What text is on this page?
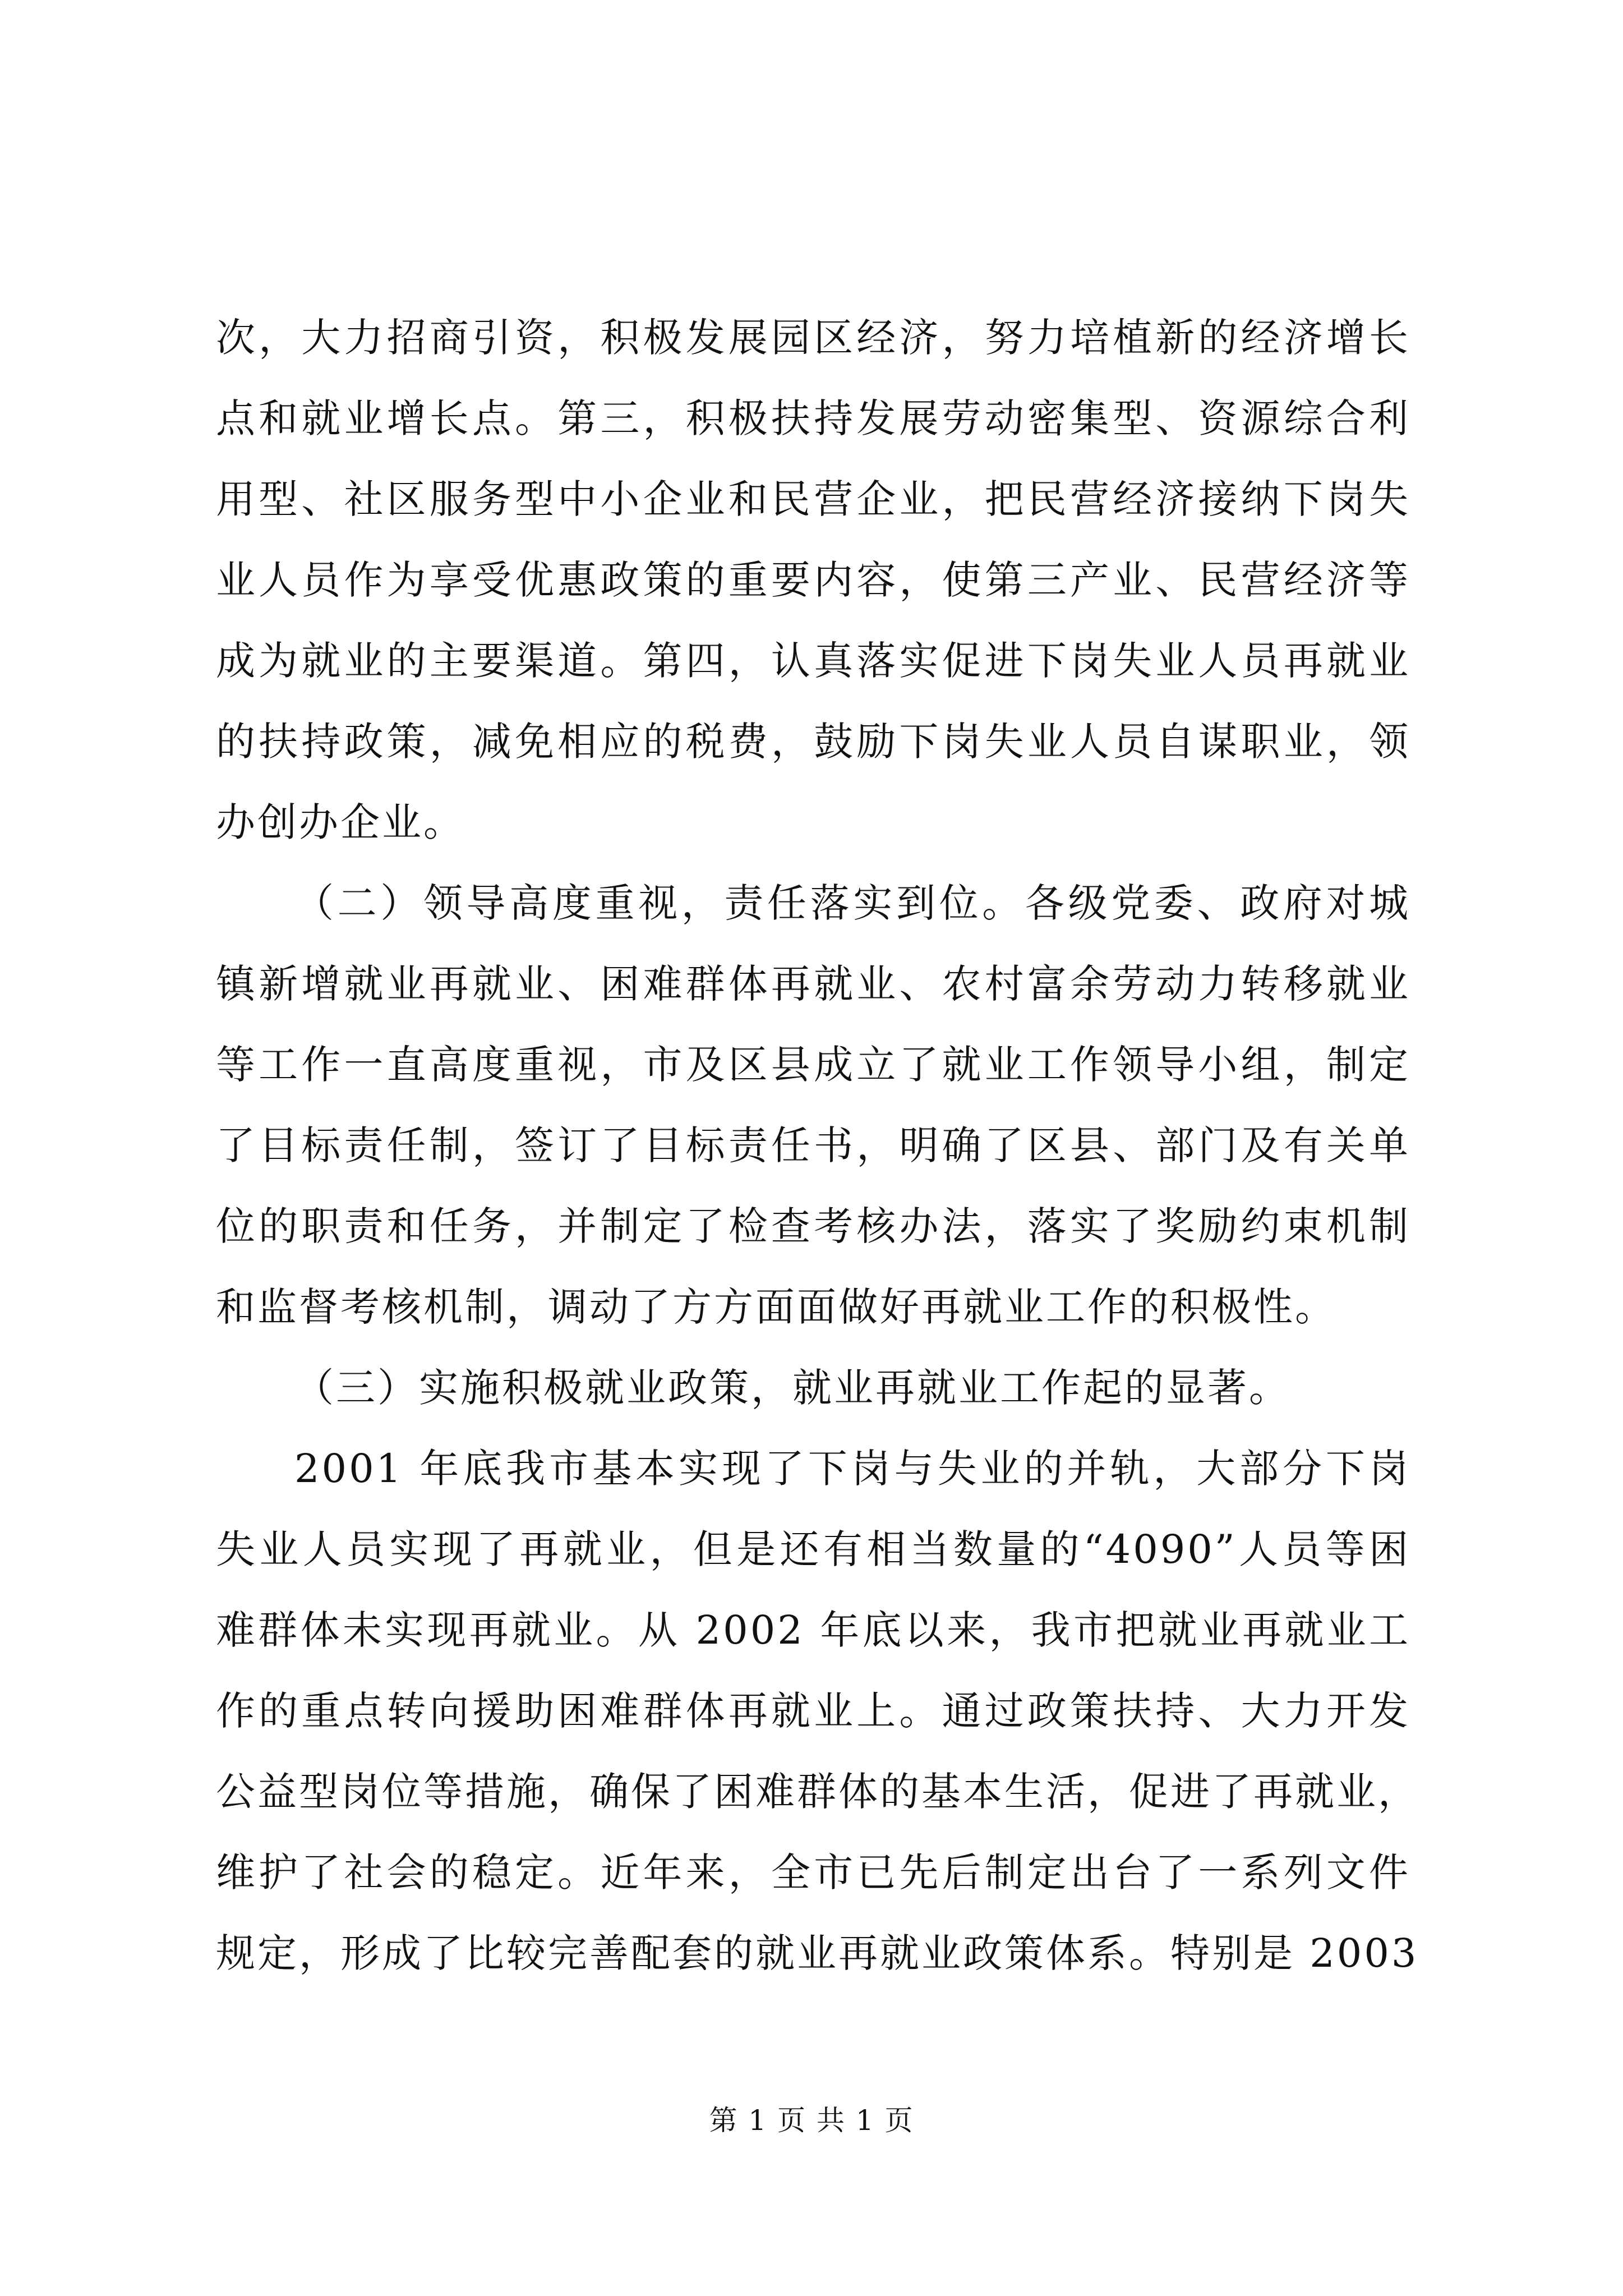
次，大力招商引资，积极发展园区经济，努力培植新的经济增长
点和就业增长点。第三，积极扶持发展劳动密集型、资源综合利
用型、社区服务型中小企业和民营企业，把民营经济接纳下岗失
业人员作为享受优惠政策的重要内容，使第三产业、民营经济等
成为就业的主要渠道。第四，认真落实促进下岗失业人员再就业
的扶持政策，减免相应的税费，鼓励下岗失业人员自谋职业，领
办创办企业。
（二）领导高度重视，责任落实到位。各级党委、政府对城
镇新增就业再就业、困难群体再就业、农村富余劳动力转移就业
等工作一直高度重视，市及区县成立了就业工作领导小组，制定
了目标责任制，签订了目标责任书，明确了区县、部门及有关单
位的职责和任务，并制定了检查考核办法，落实了奖励约束机制
和监督考核机制，调动了方方面面做好再就业工作的积极性。
（三）实施积极就业政策，就业再就业工作起的显著。
2001 年底我市基本实现了下岗与失业的并轨，大部分下岗
失业人员实现了再就业，但是还有相当数量的“4090”人员等困
难群体未实现再就业。从 2002 年底以来，我市把就业再就业工
作的重点转向援助困难群体再就业上。通过政策扶持、大力开发
公益型岗位等措施，确保了困难群体的基本生活，促进了再就业，
维护了社会的稳定。近年来，全市已先后制定出台了一系列文件
规定，形成了比较完善配套的就业再就业政策体系。特别是 2003
第 1 页 共 1 页
